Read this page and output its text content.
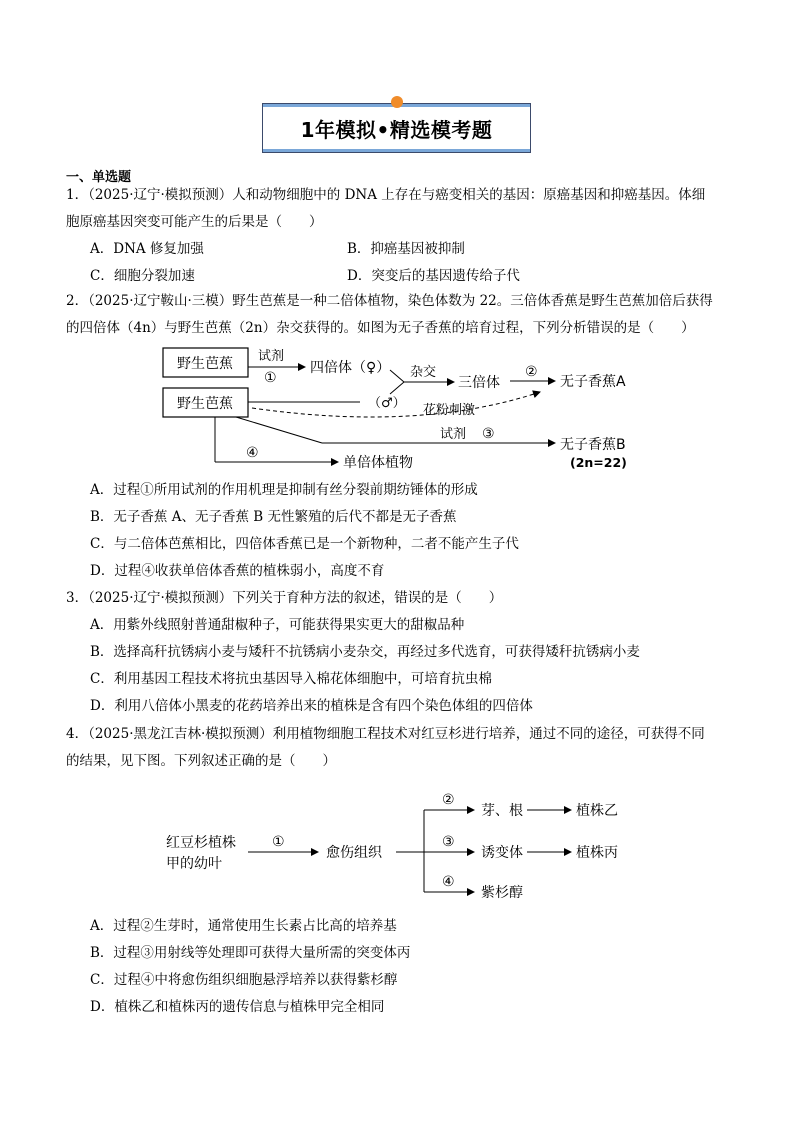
1年模拟•精选模考题
一、单选题
1．（2025·辽宁·模拟预测）人和动物细胞中的 DNA 上存在与癌变相关的基因：原癌基因和抑癌基因。体细
胞原癌基因突变可能产生的后果是（　　）
A．DNA 修复加强	B．抑癌基因被抑制
C．细胞分裂加速	D．突变后的基因遗传给子代
2．（2025·辽宁鞍山·三模）野生芭蕉是一种二倍体植物，染色体数为 22。三倍体香蕉是野生芭蕉加倍后获得
的四倍体（4n）与野生芭蕉（2n）杂交获得的。如图为无子香蕉的培育过程，下列分析错误的是（　　）
野生芭蕉
野生芭蕉
试剂
①
四倍体（♀）
（♂）
杂交
三倍体
②
无子香蕉A
花粉刺激
试剂 ③
无子香蕉B
(2n=22)
④
单倍体植物
A．过程①所用试剂的作用机理是抑制有丝分裂前期纺锤体的形成
B．无子香蕉 A、无子香蕉 B 无性繁殖的后代不都是无子香蕉
C．与二倍体芭蕉相比，四倍体香蕉已是一个新物种，二者不能产生子代
D．过程④收获单倍体香蕉的植株弱小，高度不育
3．（2025·辽宁·模拟预测）下列关于育种方法的叙述，错误的是（　　）
A．用紫外线照射普通甜椒种子，可能获得果实更大的甜椒品种
B．选择高秆抗锈病小麦与矮秆不抗锈病小麦杂交，再经过多代选育，可获得矮秆抗锈病小麦
C．利用基因工程技术将抗虫基因导入棉花体细胞中，可培育抗虫棉
D．利用八倍体小黑麦的花药培养出来的植株是含有四个染色体组的四倍体
4．（2025·黑龙江吉林·模拟预测）利用植物细胞工程技术对红豆杉进行培养，通过不同的途径，可获得不同
的结果，见下图。下列叙述正确的是（　　）
红豆杉植株
甲的幼叶
①
愈伤组织
②
芽、根	植株乙
③
诱变体	植株丙
④
紫杉醇
A．过程②生芽时，通常使用生长素占比高的培养基
B．过程③用射线等处理即可获得大量所需的突变体丙
C．过程④中将愈伤组织细胞悬浮培养以获得紫杉醇
D．植株乙和植株丙的遗传信息与植株甲完全相同
